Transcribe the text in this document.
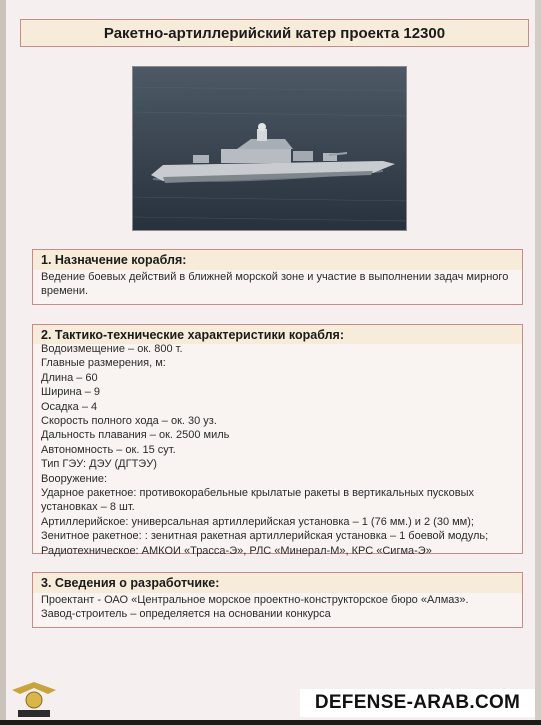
Ракетно-артиллерийский катер проекта 12300
1. Назначение корабля:
Ведение боевых действий в ближней морской зоне и участие в выполнении задач мирного
времени.
2. Тактико-технические характеристики корабля:
Водоизмещение – ок. 800 т.
Главные размерения, м:
Длина – 60
Ширина – 9
Осадка – 4
Скорость полного хода – ок. 30 уз.
Дальность плавания – ок. 2500 миль
Автономность – ок. 15 сут.
Тип ГЭУ: ДЭУ (ДГТЭУ)
Вооружение:
Ударное ракетное: противокорабельные крылатые ракеты в вертикальных пусковых
установках – 8 шт.
Артиллерийское: универсальная артиллерийская установка – 1 (76 мм.) и 2 (30 мм);
Зенитное ракетное: : зенитная ракетная артиллерийская установка – 1 боевой модуль;
Радиотехническое: АМКОИ «Трасса-Э», РЛС «Минерал-М», КРС «Сигма-Э»
3. Сведения о разработчике:
Проектант - ОАО «Центральное морское проектно-конструкторское бюро «Алмаз».
Завод-строитель – определяется на основании конкурса
DEFENSE-ARAB.COM
